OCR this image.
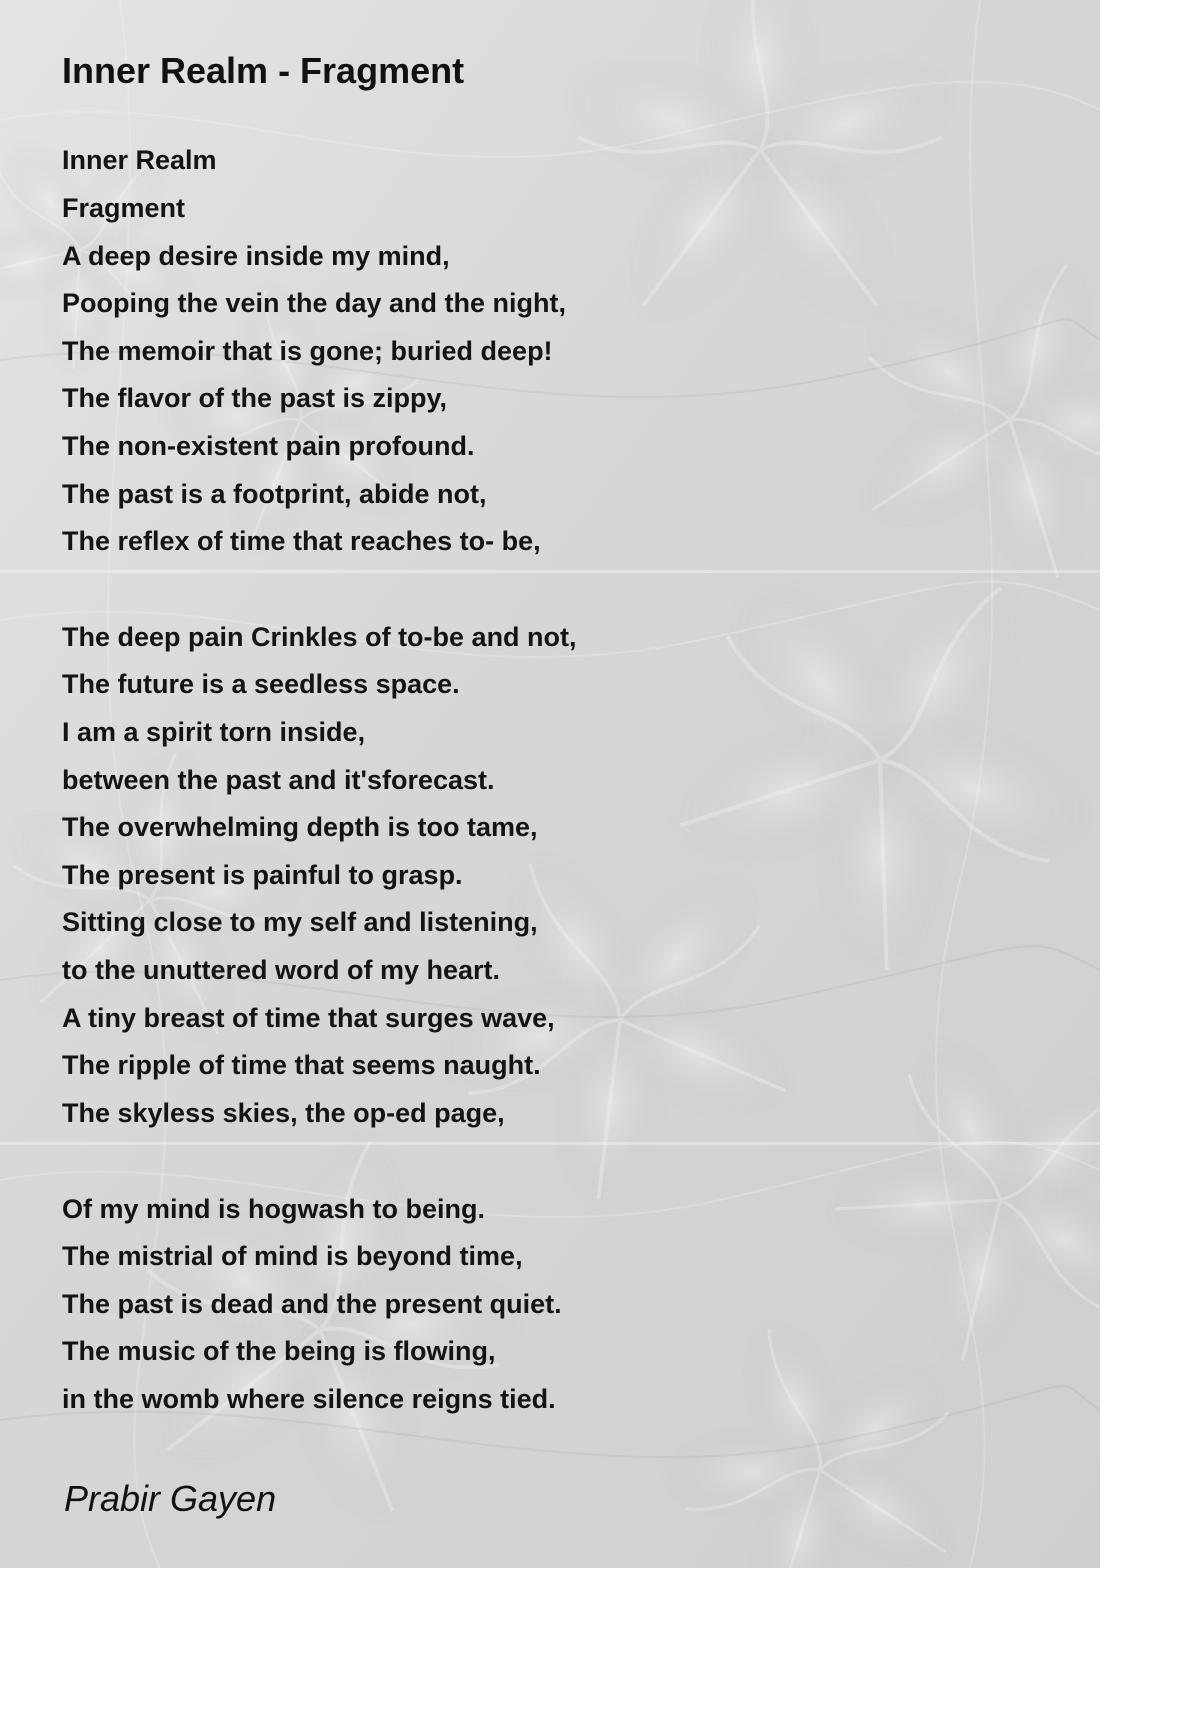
Inner Realm - Fragment

Inner Realm

Fragment

A deep desire inside my mind,

Pooping the vein the day and the night,

The memoir that is gone; buried deep!

The flavor of the past is zippy,

The non-existent pain profound.

The past is a footprint, abide not,

The reflex of time that reaches to- be,

The deep pain Crinkles of to-be and not,

The future is a seedless space.

I am a spirit torn inside,

between the past and it'sforecast.

The overwhelming depth is too tame,

The present is painful to grasp.

Sitting close to my self and listening,

to the unuttered word of my heart.

A tiny breast of time that surges wave,

The ripple of time that seems naught.

The skyless skies, the op-ed page,

Of my mind is hogwash to being.

The mistrial of mind is beyond time,

The past is dead and the present quiet.

The music of the being is flowing,

in the womb where silence reigns tied.

Prabir Gayen
